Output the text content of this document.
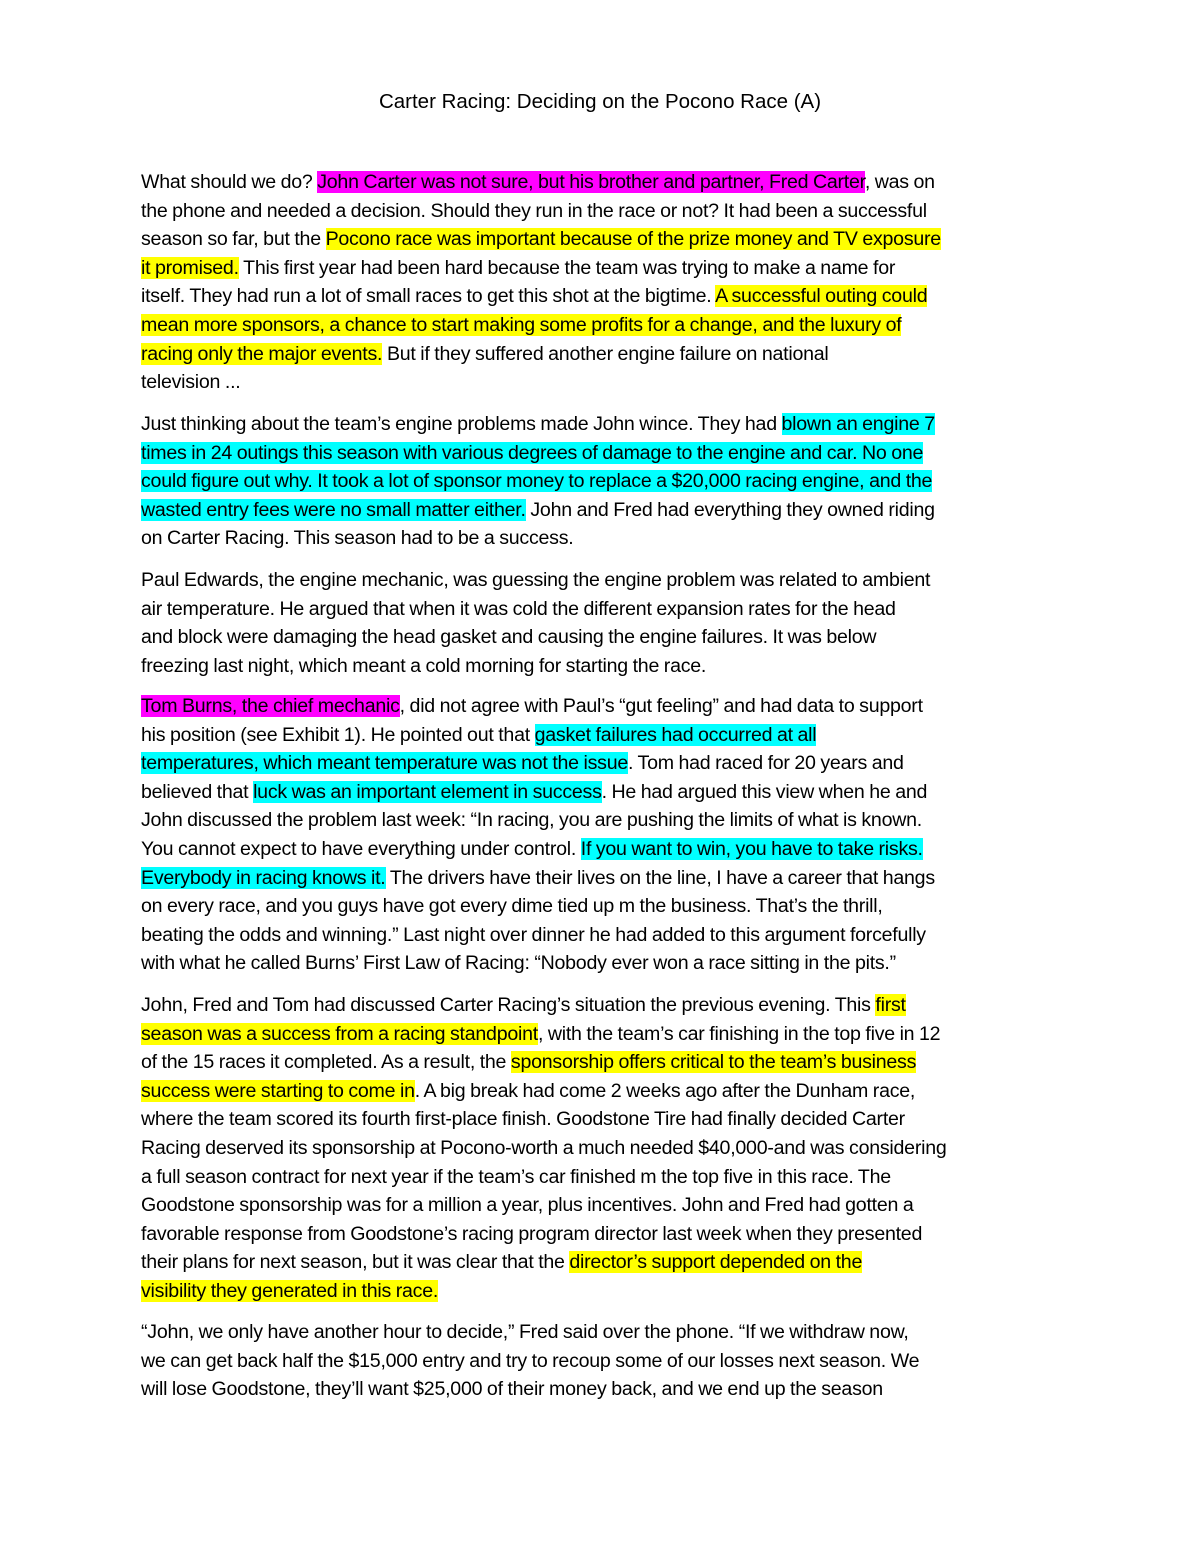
Carter Racing: Deciding on the Pocono Race (A)
What should we do? John Carter was not sure, but his brother and partner, Fred Carter, was on
the phone and needed a decision. Should they run in the race or not? It had been a successful
season so far, but the Pocono race was important because of the prize money and TV exposure
it promised. This first year had been hard because the team was trying to make a name for
itself. They had run a lot of small races to get this shot at the bigtime. A successful outing could
mean more sponsors, a chance to start making some profits for a change, and the luxury of
racing only the major events. But if they suffered another engine failure on national
television ...
Just thinking about the team’s engine problems made John wince. They had blown an engine 7
times in 24 outings this season with various degrees of damage to the engine and car. No one
could figure out why. It took a lot of sponsor money to replace a $20,000 racing engine, and the
wasted entry fees were no small matter either. John and Fred had everything they owned riding
on Carter Racing. This season had to be a success.
Paul Edwards, the engine mechanic, was guessing the engine problem was related to ambient
air temperature. He argued that when it was cold the different expansion rates for the head
and block were damaging the head gasket and causing the engine failures. It was below
freezing last night, which meant a cold morning for starting the race.
Tom Burns, the chief mechanic, did not agree with Paul’s “gut feeling” and had data to support
his position (see Exhibit 1). He pointed out that gasket failures had occurred at all
temperatures, which meant temperature was not the issue. Tom had raced for 20 years and
believed that luck was an important element in success. He had argued this view when he and
John discussed the problem last week: “In racing, you are pushing the limits of what is known.
You cannot expect to have everything under control. If you want to win, you have to take risks.
Everybody in racing knows it. The drivers have their lives on the line, I have a career that hangs
on every race, and you guys have got every dime tied up m the business. That’s the thrill,
beating the odds and winning.” Last night over dinner he had added to this argument forcefully
with what he called Burns’ First Law of Racing: “Nobody ever won a race sitting in the pits.”
John, Fred and Tom had discussed Carter Racing’s situation the previous evening. This first
season was a success from a racing standpoint, with the team’s car finishing in the top five in 12
of the 15 races it completed. As a result, the sponsorship offers critical to the team’s business
success were starting to come in. A big break had come 2 weeks ago after the Dunham race,
where the team scored its fourth first-place finish. Goodstone Tire had finally decided Carter
Racing deserved its sponsorship at Pocono-worth a much needed $40,000-and was considering
a full season contract for next year if the team’s car finished m the top five in this race. The
Goodstone sponsorship was for a million a year, plus incentives. John and Fred had gotten a
favorable response from Goodstone’s racing program director last week when they presented
their plans for next season, but it was clear that the director’s support depended on the
visibility they generated in this race.
“John, we only have another hour to decide,” Fred said over the phone. “If we withdraw now,
we can get back half the $15,000 entry and try to recoup some of our losses next season. We
will lose Goodstone, they’ll want $25,000 of their money back, and we end up the season
